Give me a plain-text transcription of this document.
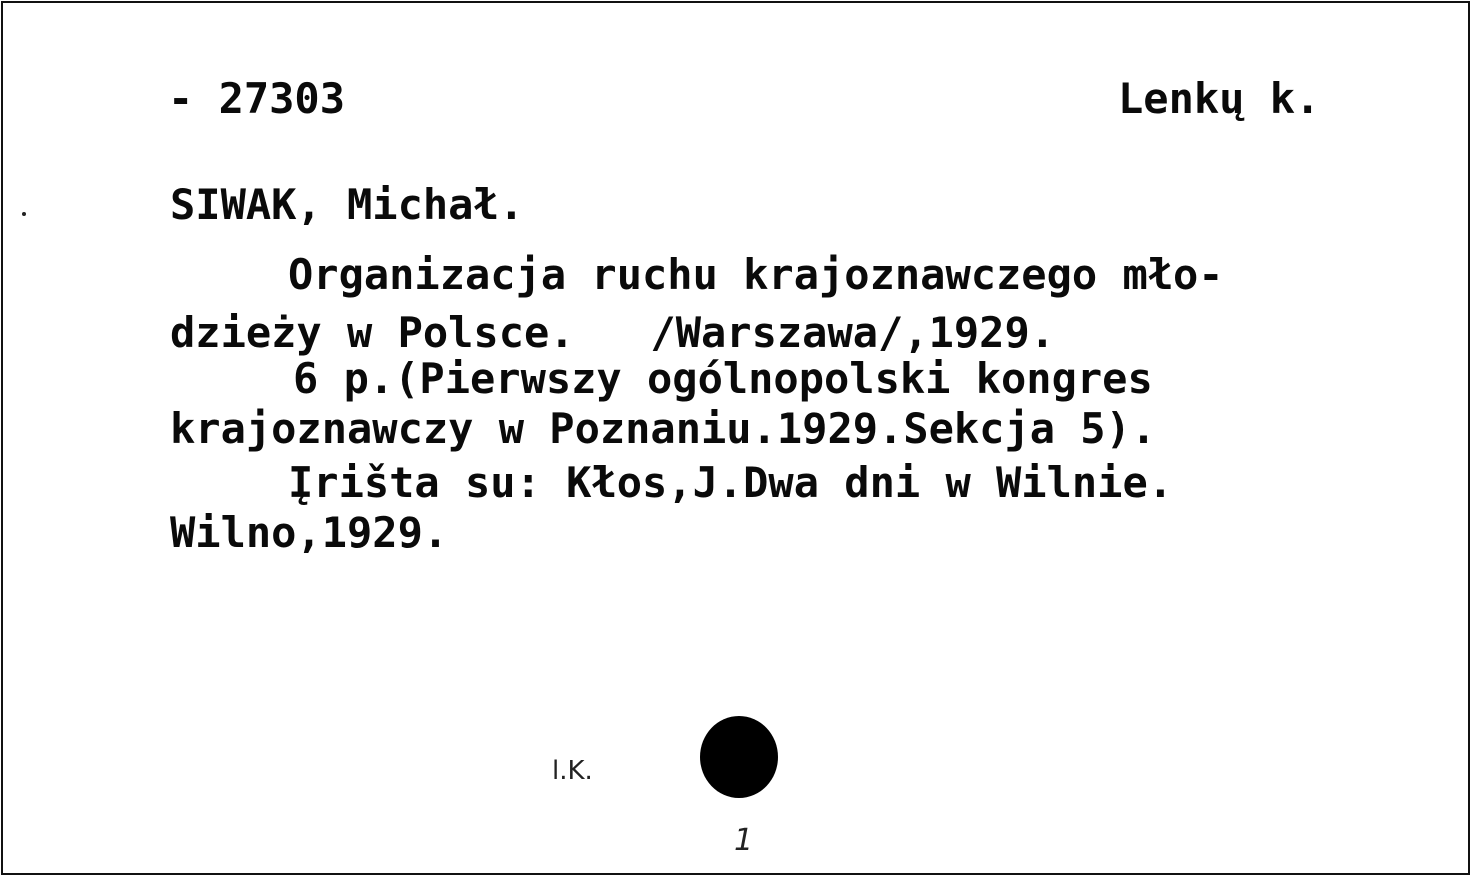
- 27303	Lenkų k.
SIWAK, Michał.
Organizacja ruchu krajoznawczego mło-
dzieży w Polsce.   /Warszawa/,1929.
6 p.(Pierwszy ogólnopolski kongres
krajoznawczy w Poznaniu.1929.Sekcja 5).
Įrišta su: Kłos,J.Dwa dni w Wilnie.
Wilno,1929.
l.K.
1
